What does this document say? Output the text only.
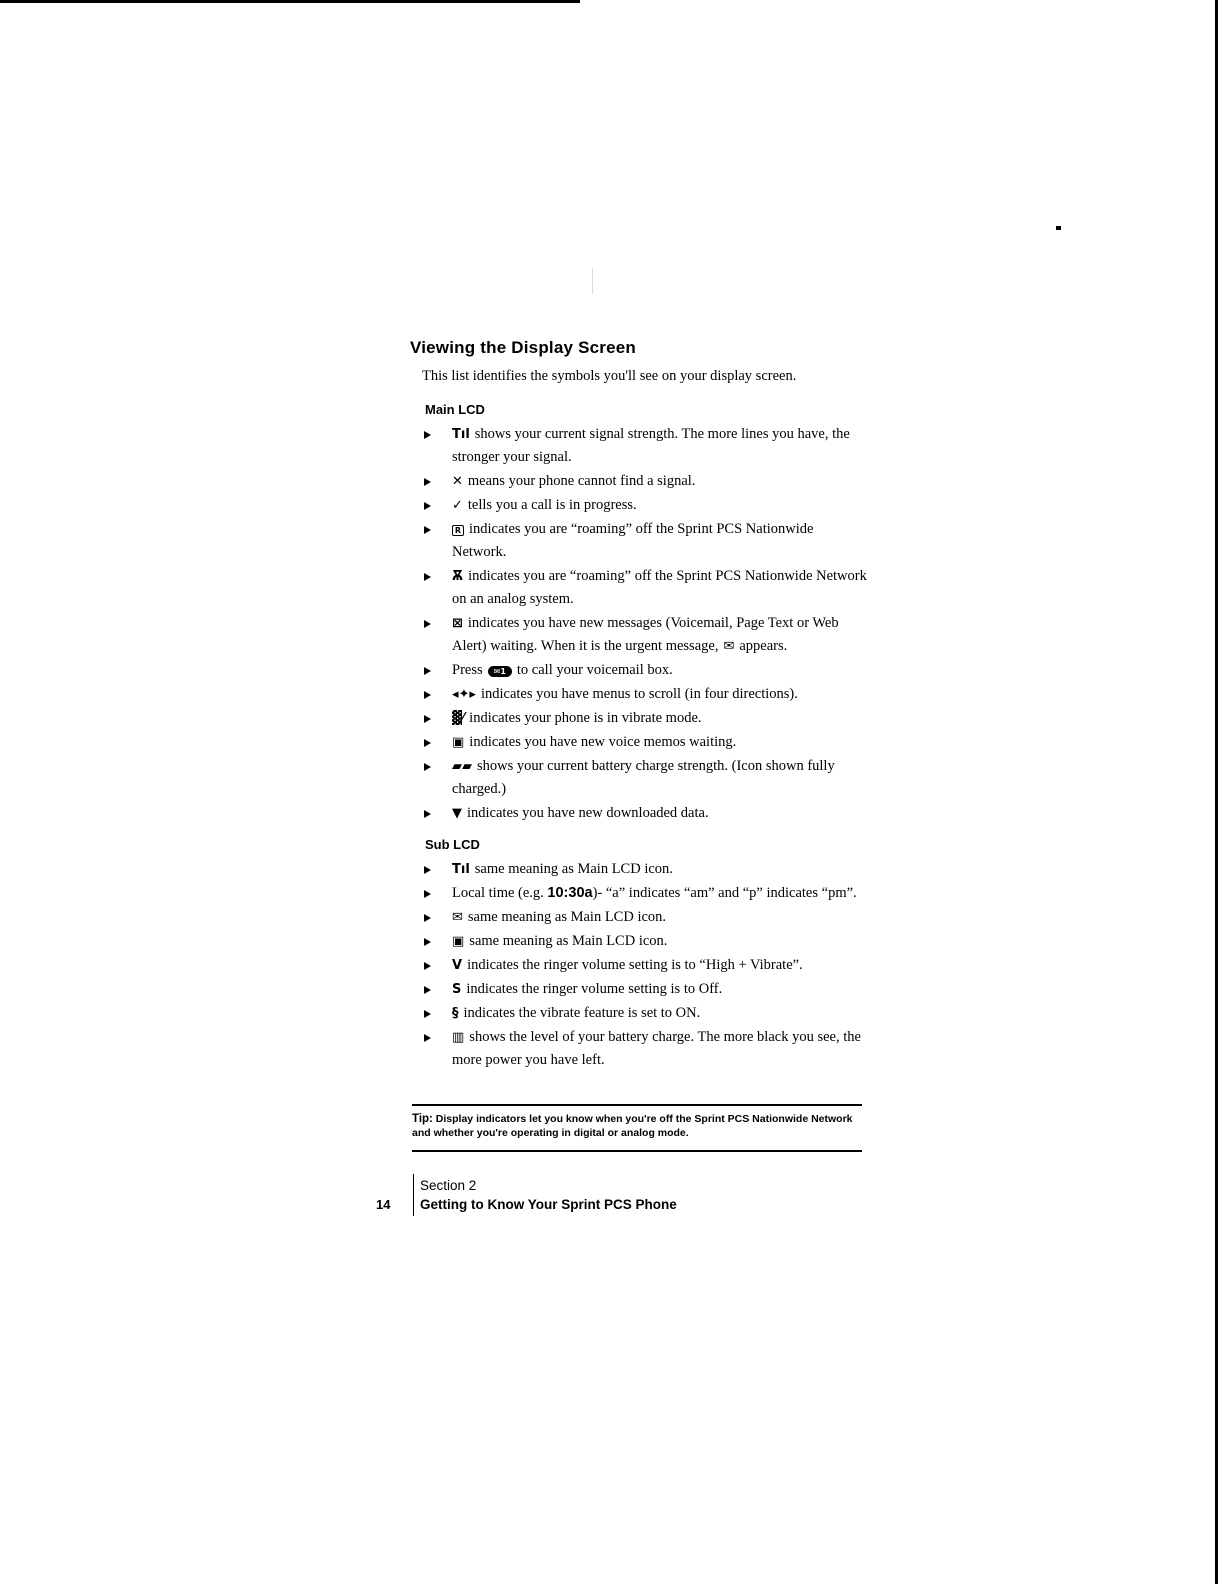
Viewing the Display Screen

This list identifies the symbols you'll see on your display screen.

Main LCD
Tıl shows your current signal strength. The more lines you have, the stronger your signal.
✕ means your phone cannot find a signal.
✓ tells you a call is in progress.
R indicates you are “roaming” off the Sprint PCS Nationwide Network.
Ѫ indicates you are “roaming” off the Sprint PCS Nationwide Network on an analog system.
⊠ indicates you have new messages (Voicemail, Page Text or Web Alert) waiting. When it is the urgent message, ✉ appears.
Press ✉1 to call your voicemail box.
◂✦▸ indicates you have menus to scroll (in four directions).
▓⁄ indicates your phone is in vibrate mode.
▣ indicates you have new voice memos waiting.
▰▰ shows your current battery charge strength. (Icon shown fully charged.)
▼ indicates you have new downloaded data.
Sub LCD
Tıl same meaning as Main LCD icon.
Local time (e.g. 10:30a)- “a” indicates “am” and “p” indicates “pm”.
✉ same meaning as Main LCD icon.
▣ same meaning as Main LCD icon.
V indicates the ringer volume setting is to “High + Vibrate”.
S indicates the ringer volume setting is to Off.
§ indicates the vibrate feature is set to ON.
▥ shows the level of your battery charge. The more black you see, the more power you have left.
Tip: Display indicators let you know when you're off the Sprint PCS Nationwide Network and whether you're operating in digital or analog mode.
14
Section 2
Getting to Know Your Sprint PCS Phone
